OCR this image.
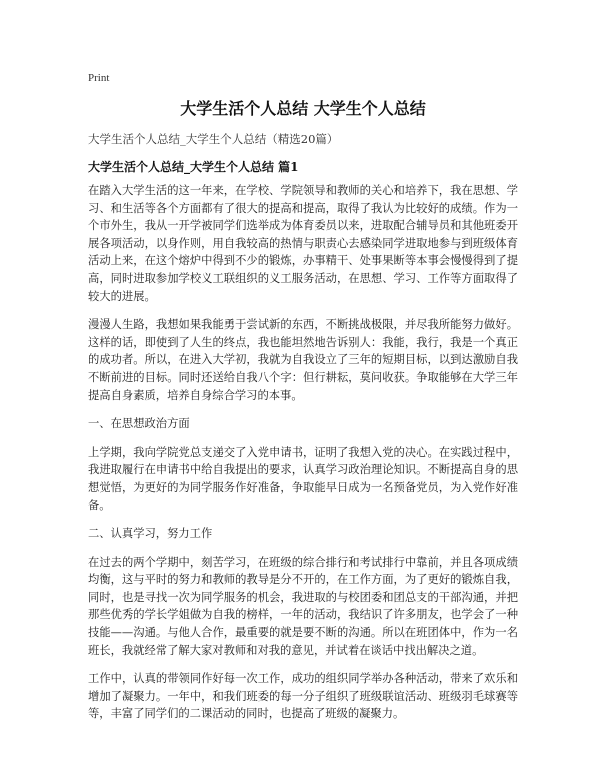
Print

大学生活个人总结 大学生个人总结

大学生活个人总结_大学生个人总结（精选20篇）

大学生活个人总结_大学生个人总结 篇1

在踏入大学生活的这一年来，在学校、学院领导和教师的关心和培养下，我在思想、学习、和生活等各个方面都有了很大的提高和提高，取得了我认为比较好的成绩。作为一个市外生，我从一开学被同学们选举成为体育委员以来，进取配合辅导员和其他班委开展各项活动，以身作则，用自我较高的热情与职责心去感染同学进取地参与到班级体育活动上来，在这个熔炉中得到不少的锻炼，办事精干、处事果断等本事会慢慢得到了提高，同时进取参加学校义工联组织的义工服务活动，在思想、学习、工作等方面取得了较大的进展。

漫漫人生路，我想如果我能勇于尝试新的东西，不断挑战极限，并尽我所能努力做好。这样的话，即使到了人生的终点，我也能坦然地告诉别人：我能，我行，我是一个真正的成功者。所以，在进入大学初，我就为自我设立了三年的短期目标，以到达激励自我不断前进的目标。同时还送给自我八个字：但行耕耘，莫问收获。争取能够在大学三年提高自身素质，培养自身综合学习的本事。

一、在思想政治方面

上学期，我向学院党总支递交了入党申请书，证明了我想入党的决心。在实践过程中，我进取履行在申请书中给自我提出的要求，认真学习政治理论知识。不断提高自身的思想觉悟，为更好的为同学服务作好准备，争取能早日成为一名预备党员，为入党作好准备。

二、认真学习，努力工作

在过去的两个学期中，刻苦学习，在班级的综合排行和考试排行中靠前，并且各项成绩均衡，这与平时的努力和教师的教导是分不开的，在工作方面，为了更好的锻炼自我，同时，也是寻找一次为同学服务的机会，我进取的与校团委和团总支的干部沟通，并把那些优秀的学长学姐做为自我的榜样，一年的活动，我结识了许多朋友，也学会了一种技能——沟通。与他人合作，最重要的就是要不断的沟通。所以在班团体中，作为一名班长，我就经常了解大家对教师和对我的意见，并试着在谈话中找出解决之道。

工作中，认真的带领同作好每一次工作，成功的组织同学举办各种活动，带来了欢乐和增加了凝聚力。一年中，和我们班委的每一分子组织了班级联谊活动、班级羽毛球赛等等，丰富了同学们的二课活动的同时，也提高了班级的凝聚力。
